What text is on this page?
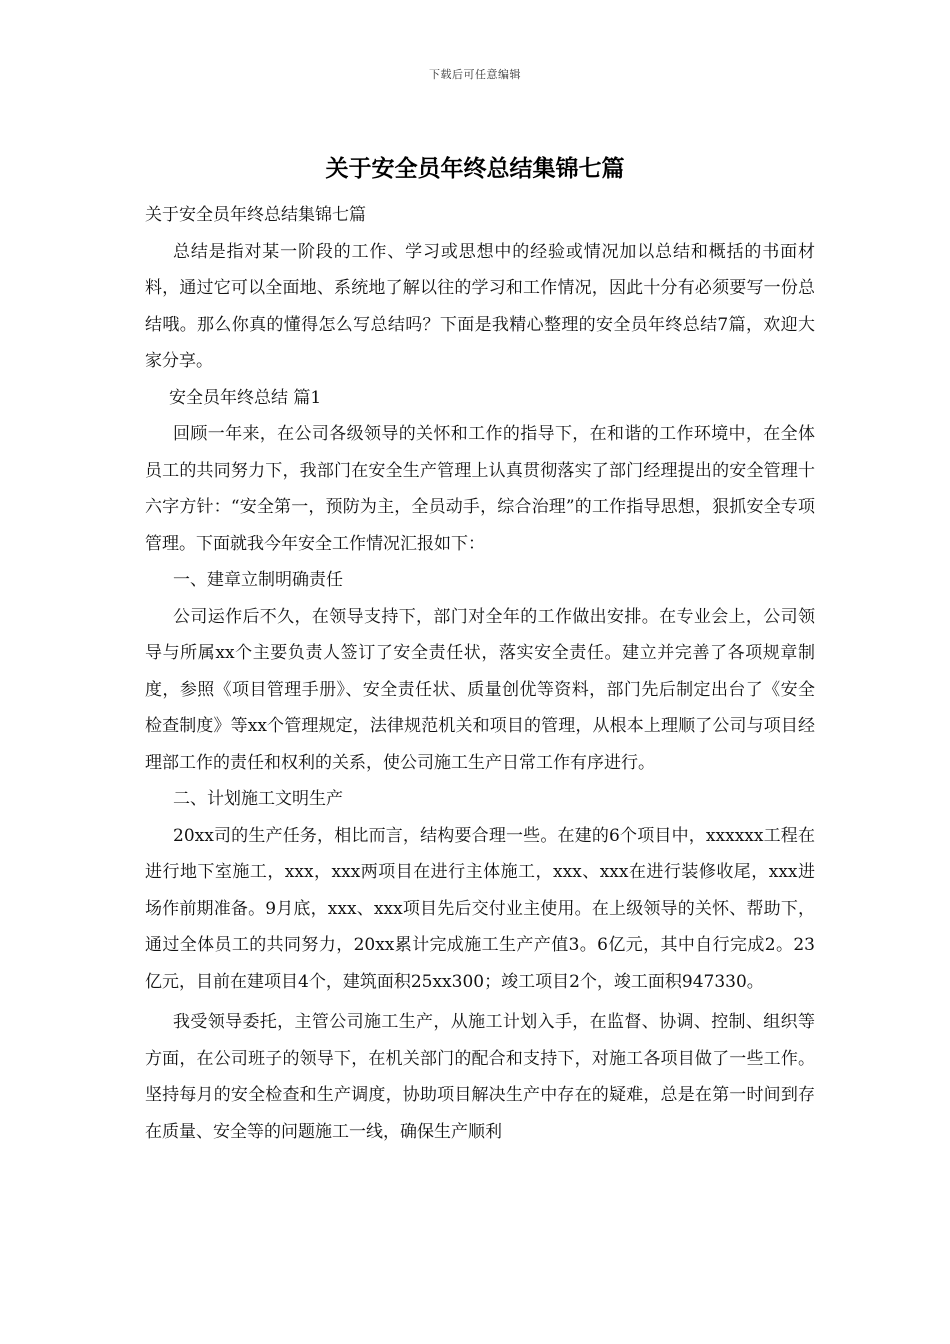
下载后可任意编辑
关于安全员年终总结集锦七篇

关于安全员年终总结集锦七篇

总结是指对某一阶段的工作、学习或思想中的经验或情况加以总结和概括的书面材料，通过它可以全面地、系统地了解以往的学习和工作情况，因此十分有必须要写一份总结哦。那么你真的懂得怎么写总结吗？下面是我精心整理的安全员年终总结7篇，欢迎大家分享。

安全员年终总结 篇1

回顾一年来，在公司各级领导的关怀和工作的指导下，在和谐的工作环境中，在全体员工的共同努力下，我部门在安全生产管理上认真贯彻落实了部门经理提出的安全管理十六字方针：“安全第一，预防为主，全员动手，综合治理”的工作指导思想，狠抓安全专项管理。下面就我今年安全工作情况汇报如下：

一、建章立制明确责任

公司运作后不久，在领导支持下，部门对全年的工作做出安排。在专业会上，公司领导与所属xx个主要负责人签订了安全责任状，落实安全责任。建立并完善了各项规章制度，参照《项目管理手册》、安全责任状、质量创优等资料，部门先后制定出台了《安全检查制度》等xx个管理规定，法律规范机关和项目的管理，从根本上理顺了公司与项目经理部工作的责任和权利的关系，使公司施工生产日常工作有序进行。

二、计划施工文明生产

20xx司的生产任务，相比而言，结构要合理一些。在建的6个项目中，xxxxxx工程在进行地下室施工，xxx，xxx两项目在进行主体施工，xxx、xxx在进行装修收尾，xxx进场作前期准备。9月底，xxx、xxx项目先后交付业主使用。在上级领导的关怀、帮助下，通过全体员工的共同努力，20xx累计完成施工生产产值3。6亿元，其中自行完成2。23亿元，目前在建项目4个，建筑面积25xx300；竣工项目2个，竣工面积947330。

我受领导委托，主管公司施工生产，从施工计划入手，在监督、协调、控制、组织等方面，在公司班子的领导下，在机关部门的配合和支持下，对施工各项目做了一些工作。坚持每月的安全检查和生产调度，协助项目解决生产中存在的疑难，总是在第一时间到存在质量、安全等的问题施工一线，确保生产顺利
